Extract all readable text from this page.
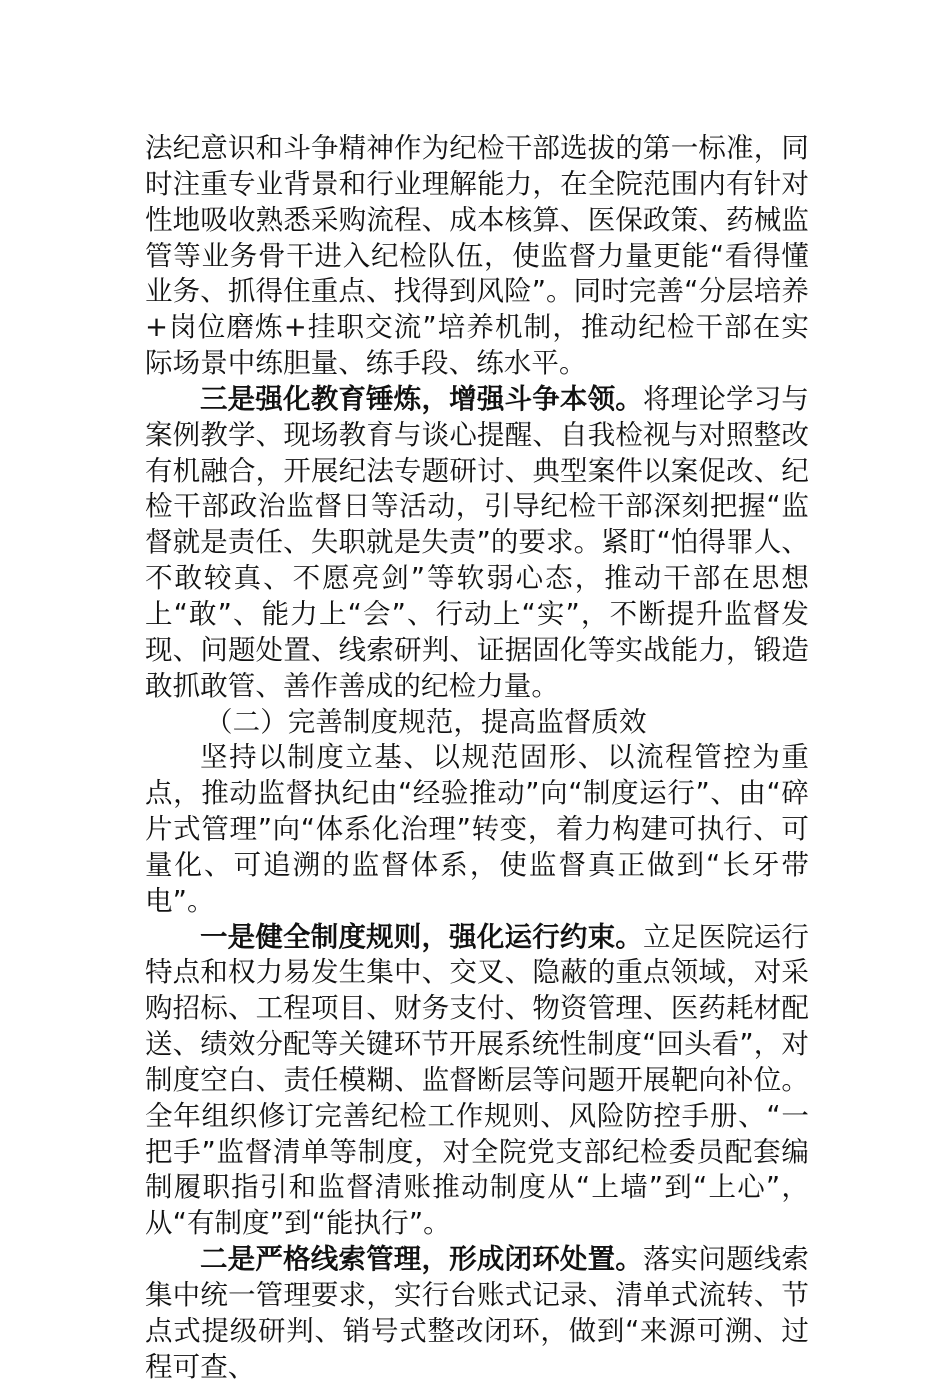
法纪意识和斗争精神作为纪检干部选拔的第一标准，同时注重专业背景和行业理解能力，在全院范围内有针对性地吸收熟悉采购流程、成本核算、医保政策、药械监管等业务骨干进入纪检队伍，使监督力量更能“看得懂业务、抓得住重点、找得到风险”。同时完善“分层培养+岗位磨炼+挂职交流”培养机制，推动纪检干部在实际场景中练胆量、练手段、练水平。

三是强化教育锤炼，增强斗争本领。将理论学习与案例教学、现场教育与谈心提醒、自我检视与对照整改有机融合，开展纪法专题研讨、典型案件以案促改、纪检干部政治监督日等活动，引导纪检干部深刻把握“监督就是责任、失职就是失责”的要求。紧盯“怕得罪人、不敢较真、不愿亮剑”等软弱心态，推动干部在思想上“敢”、能力上“会”、行动上“实”，不断提升监督发现、问题处置、线索研判、证据固化等实战能力，锻造敢抓敢管、善作善成的纪检力量。

（二）完善制度规范，提高监督质效

坚持以制度立基、以规范固形、以流程管控为重点，推动监督执纪由“经验推动”向“制度运行”、由“碎片式管理”向“体系化治理”转变，着力构建可执行、可量化、可追溯的监督体系，使监督真正做到“长牙带电”。

一是健全制度规则，强化运行约束。立足医院运行特点和权力易发生集中、交叉、隐蔽的重点领域，对采购招标、工程项目、财务支付、物资管理、医药耗材配送、绩效分配等关键环节开展系统性制度“回头看”，对制度空白、责任模糊、监督断层等问题开展靶向补位。全年组织修订完善纪检工作规则、风险防控手册、“一把手”监督清单等制度，对全院党支部纪检委员配套编制履职指引和监督清账推动制度从“上墙”到“上心”，从“有制度”到“能执行”。

二是严格线索管理，形成闭环处置。落实问题线索集中统一管理要求，实行台账式记录、清单式流转、节点式提级研判、销号式整改闭环，做到“来源可溯、过程可查、
